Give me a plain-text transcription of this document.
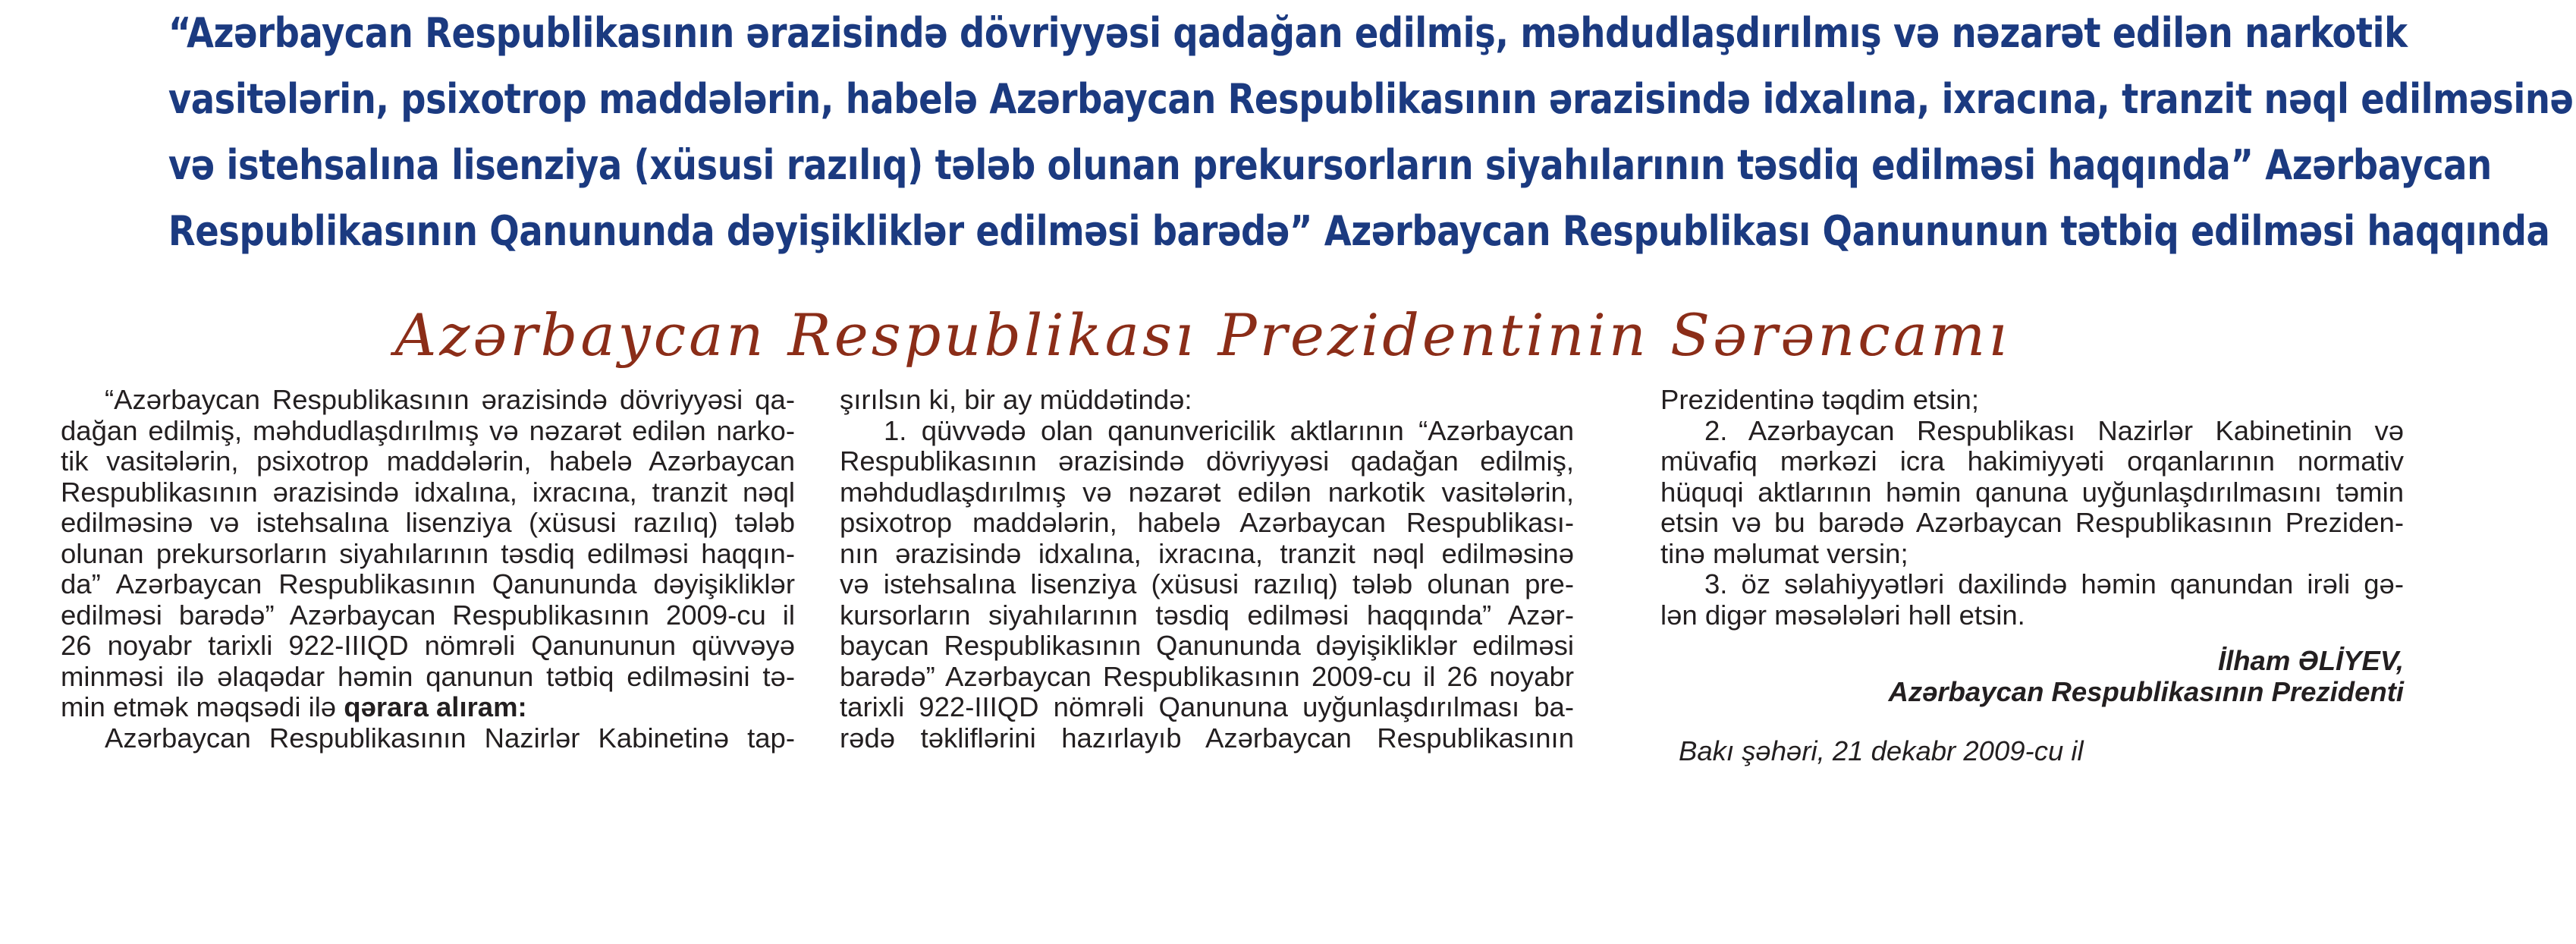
“Azərbaycan Respublikasının ərazisində dövriyyəsi qadağan edilmiş, məhdudlaşdırılmış və nəzarət edilən narkotik
vasitələrin, psixotrop maddələrin, habelə Azərbaycan Respublikasının ərazisində idxalına, ixracına, tranzit nəql edilməsinə
və istehsalına lisenziya (xüsusi razılıq) tələb olunan prekursorların siyahılarının təsdiq edilməsi haqqında” Azərbaycan
Respublikasının Qanununda dəyişikliklər edilməsi barədə” Azərbaycan Respublikası Qanununun tətbiq edilməsi haqqında
Azərbaycan Respublikası Prezidentinin Sərəncamı
“Azərbaycan Respublikasının ərazisində dövriyyəsi qa-
dağan edilmiş, məhdudlaşdırılmış və nəzarət edilən narko-
tik vasitələrin, psixotrop maddələrin, habelə Azərbaycan
Respublikasının ərazisində idxalına, ixracına, tranzit nəql
edilməsinə və istehsalına lisenziya (xüsusi razılıq) tələb
olunan prekursorların siyahılarının təsdiq edilməsi haqqın-
da” Azərbaycan Respublikasının Qanununda dəyişikliklər
edilməsi barədə” Azərbaycan Respublikasının 2009-cu il
26 noyabr tarixli 922-IIIQD nömrəli Qanununun qüvvəyə
minməsi ilə əlaqədar həmin qanunun tətbiq edilməsini tə-
min etmək məqsədi ilə qərara alıram:
Azərbaycan Respublikasının Nazirlər Kabinetinə tap-
şırılsın ki, bir ay müddətində:
1. qüvvədə olan qanunvericilik aktlarının “Azərbaycan
Respublikasının ərazisində dövriyyəsi qadağan edilmiş,
məhdudlaşdırılmış və nəzarət edilən narkotik vasitələrin,
psixotrop maddələrin, habelə Azərbaycan Respublikası-
nın ərazisində idxalına, ixracına, tranzit nəql edilməsinə
və istehsalına lisenziya (xüsusi razılıq) tələb olunan pre-
kursorların siyahılarının təsdiq edilməsi haqqında” Azər-
baycan Respublikasının Qanununda dəyişikliklər edilməsi
barədə” Azərbaycan Respublikasının 2009-cu il 26 noyabr
tarixli 922-IIIQD nömrəli Qanununa uyğunlaşdırılması ba-
rədə təkliflərini hazırlayıb Azərbaycan Respublikasının
Prezidentinə təqdim etsin;
2. Azərbaycan Respublikası Nazirlər Kabinetinin və
müvafiq mərkəzi icra hakimiyyəti orqanlarının normativ
hüquqi aktlarının həmin qanuna uyğunlaşdırılmasını təmin
etsin və bu barədə Azərbaycan Respublikasının Preziden-
tinə məlumat versin;
3. öz səlahiyyətləri daxilində həmin qanundan irəli gə-
lən digər məsələləri həll etsin.
İlham ƏLİYEV,
Azərbaycan Respublikasının Prezidenti
Bakı şəhəri, 21 dekabr 2009-cu il
